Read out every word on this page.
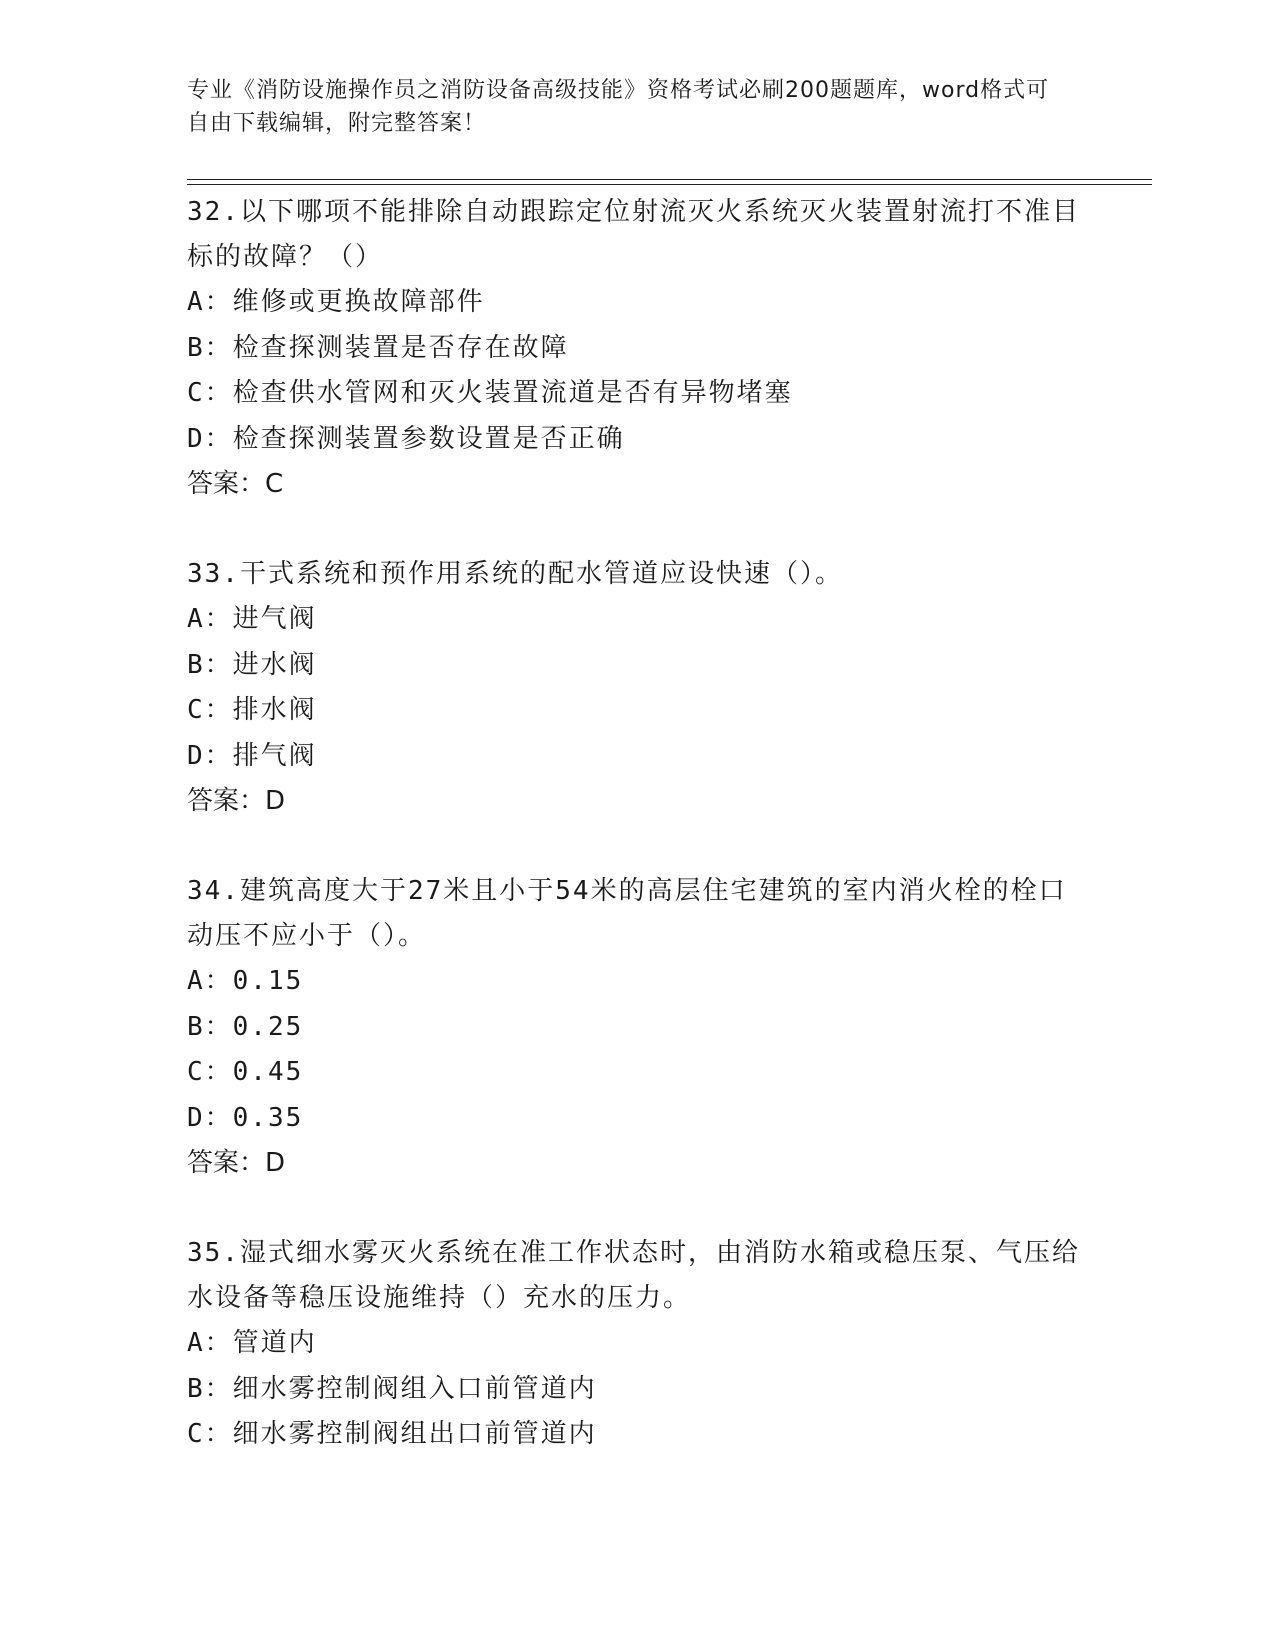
专业《消防设施操作员之消防设备高级技能》资格考试必刷200题题库，word格式可自由下载编辑，附完整答案！

32.以下哪项不能排除自动跟踪定位射流灭火系统灭火装置射流打不准目标的故障？（）

A：维修或更换故障部件

B：检查探测装置是否存在故障

C：检查供水管网和灭火装置流道是否有异物堵塞

D：检查探测装置参数设置是否正确

答案：C

33.干式系统和预作用系统的配水管道应设快速（）。

A：进气阀

B：进水阀

C：排水阀

D：排气阀

答案：D

34.建筑高度大于27米且小于54米的高层住宅建筑的室内消火栓的栓口动压不应小于（）。

A：0.15

B：0.25

C：0.45

D：0.35

答案：D

35.湿式细水雾灭火系统在准工作状态时，由消防水箱或稳压泵、气压给水设备等稳压设施维持（）充水的压力。

A：管道内

B：细水雾控制阀组入口前管道内

C：细水雾控制阀组出口前管道内
